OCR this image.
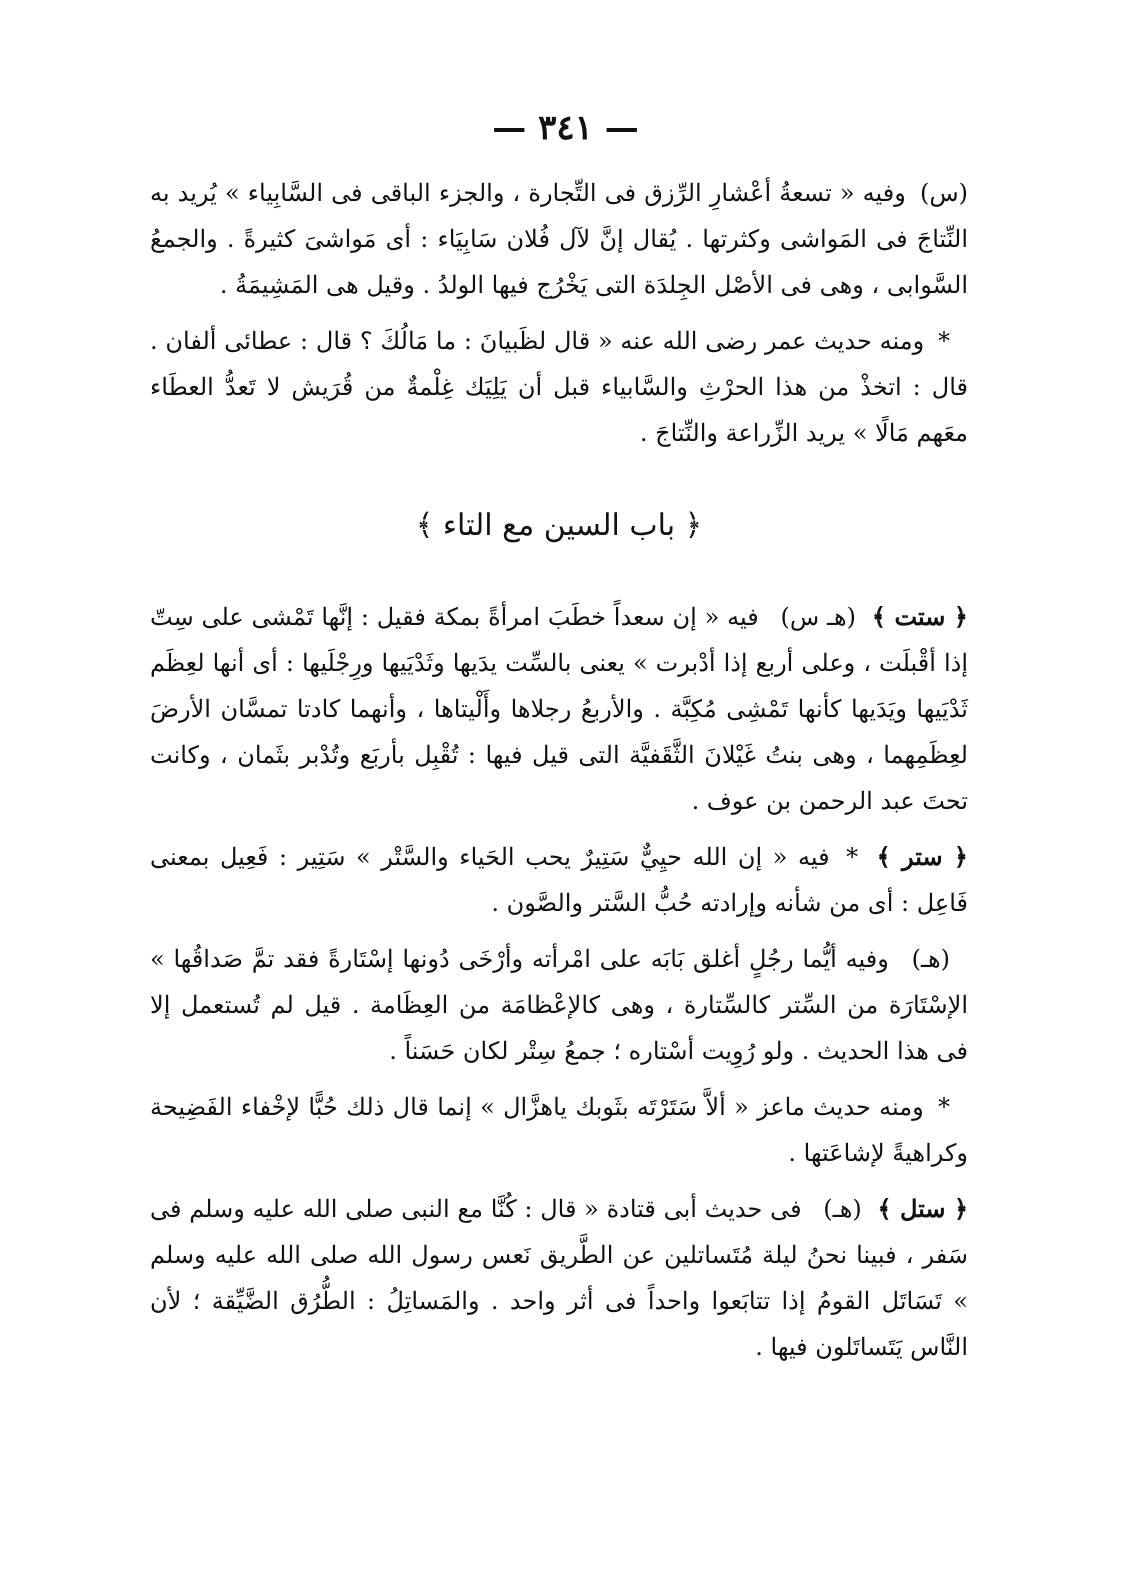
— ٣٤١ —

(س) وفيه « تسعةُ أعْشارِ الرِّزق فى التِّجارة ، والجزء الباقى فى السَّابِياء » يُريد به النِّتاجَ فى المَواشى وكثرتها . يُقال إنَّ لآل فُلان سَابِيَاء : أى مَواشىَ كثيرةً . والجمعُ السَّوابى ، وهى فى الأصْل الجِلدَة التى يَخْرُج فيها الولدُ . وقيل هى المَشِيمَةُ .

* ومنه حديث عمر رضى الله عنه « قال لظَبيانَ : ما مَالُكَ ؟ قال : عطائى ألفان . قال : اتخذْ من هذا الحرْثِ والسَّابياء قبل أن يَلِيَك غِلْمةٌ من قُرَيش لا تَعدُّ العطَاء معَهم مَالًا » يريد الزِّراعة والنِّتاجَ .

﴿ باب السين مع التاء ﴾

﴿ ستت ﴾ (هـ س) فيه « إن سعداً خطَبَ امرأةً بمكة فقيل : إنَّها تَمْشى على سِتّ إذا أقْبلَت ، وعلى أربع إذا أدْبرت » يعنى بالسِّت يدَيها وثَدْيَيها ورِجْلَيها : أى أنها لعِظَم ثَدْيَيها ويَدَيها كأنها تَمْشِى مُكِبَّة . والأربعُ رجلاها وأَلْيتاها ، وأنهما كادتا تمسَّان الأرضَ لعِظَمِهما ، وهى بنتُ غَيْلانَ الثَّقَفيَّة التى قيل فيها : تُقْبِل بأربَع وتُدْبر بثَمان ، وكانت تحتَ عبد الرحمن بن عوف .

﴿ ستر ﴾ * فيه « إن الله حيِيٌّ سَتِيرٌ يحب الحَياء والسَّتْر » سَتِير : فَعِيل بمعنى فَاعِل : أى من شأنه وإرادته حُبُّ السَّتر والصَّون .

(هـ) وفيه أيُّما رجُلٍ أغلق بَابَه على امْرأته وأرْخَى دُونها إسْتَارةً فقد تمَّ صَداقُها » الإسْتَارَة من السِّتر كالسِّتارة ، وهى كالإعْظامَة من العِظَامة . قيل لم تُستعمل إلا فى هذا الحديث . ولو رُوِيت أسْتاره ؛ جمعُ سِتْر لكان حَسَناً .

* ومنه حديث ماعز « ألاَّ سَتَرْتَه بثَوبك ياهزَّال » إنما قال ذلك حُبًّا لإخْفاء الفَضِيحة وكراهيةً لإشاعَتها .

﴿ ستل ﴾ (هـ) فى حديث أبى قتادة « قال : كُنَّا مع النبى صلى الله عليه وسلم فى سَفر ، فبينا نحنُ ليلة مُتَساتلين عن الطَّريق نَعس رسول الله صلى الله عليه وسلم » تَسَاتَل القومُ إذا تتابَعوا واحداً فى أثر واحد . والمَساتِلُ : الطُّرُق الضَّيِّقة ؛ لأن النَّاس يَتَساتَلون فيها .
